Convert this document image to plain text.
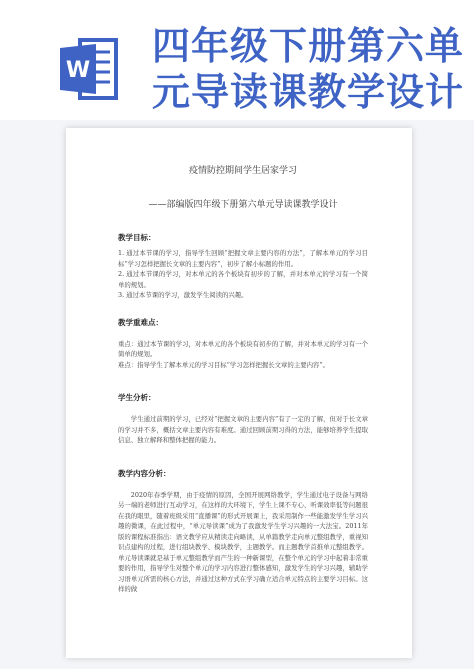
W
四年级下册第六单
元导读课教学设计
疫情防控期间学生居家学习
——部编版四年级下册第六单元导读课教学设计
教学目标：
1. 通过本节课的学习，指导学生回顾“把握文章主要内容的方法”，了解本单元的学习目标“学习怎样把握长文章的主要内容”，初步了解小标题的作用。
2. 通过本节课的学习，对本单元的各个板块有初步的了解，并对本单元的学习有一个简单的规划。
3. 通过本节课的学习，激发学生阅读的兴趣。
教学重难点：
重点：通过本节课的学习，对本单元的各个板块有初步的了解，并对本单元的学习有一个简单的规划。
难点：指导学生了解本单元的学习目标“学习怎样把握长文章的主要内容”。
学生分析：
学生通过前期的学习，已经对“把握文章的主要内容”有了一定的了解，但对于长文章的学习并不多，概括文章主要内容有难度。通过回顾前期习得的方法，能够培养学生提取信息、独立解释和整体把握的能力。
教学内容分析：
2020年春季学期，由于疫情的原因，全国开展网络教学，学生通过电子设备与网络另一端的老师进行互动学习，在这样的大环境下，学生上课不专心、听课效率低等问题很在我的眼里，随着班级采用“直播课”的形式开展课上，我采用制作一些能激发学生学习兴趣的微课，在此过程中，“单元导读课”成为了我激发学生学习兴趣的一大法宝。2011年版的课程标准指出：语文教学应从精读走向略读，从单篇教学走向单元整组教学，重视知识点建构的过程，进行组块教学、模块教学，主题教学。而主题教学首推单元整组教学。单元导读课就是基于单元整组教学而产生的一种新课型，在整个单元的学习中起着非常重要的作用，指导学生对整个单元的学习内容进行整体感知，激发学生的学习兴趣，辅助学习语单元所需的核心方法，并通过这种方式在学习确立适合单元特点的主要学习目标。这样的做
